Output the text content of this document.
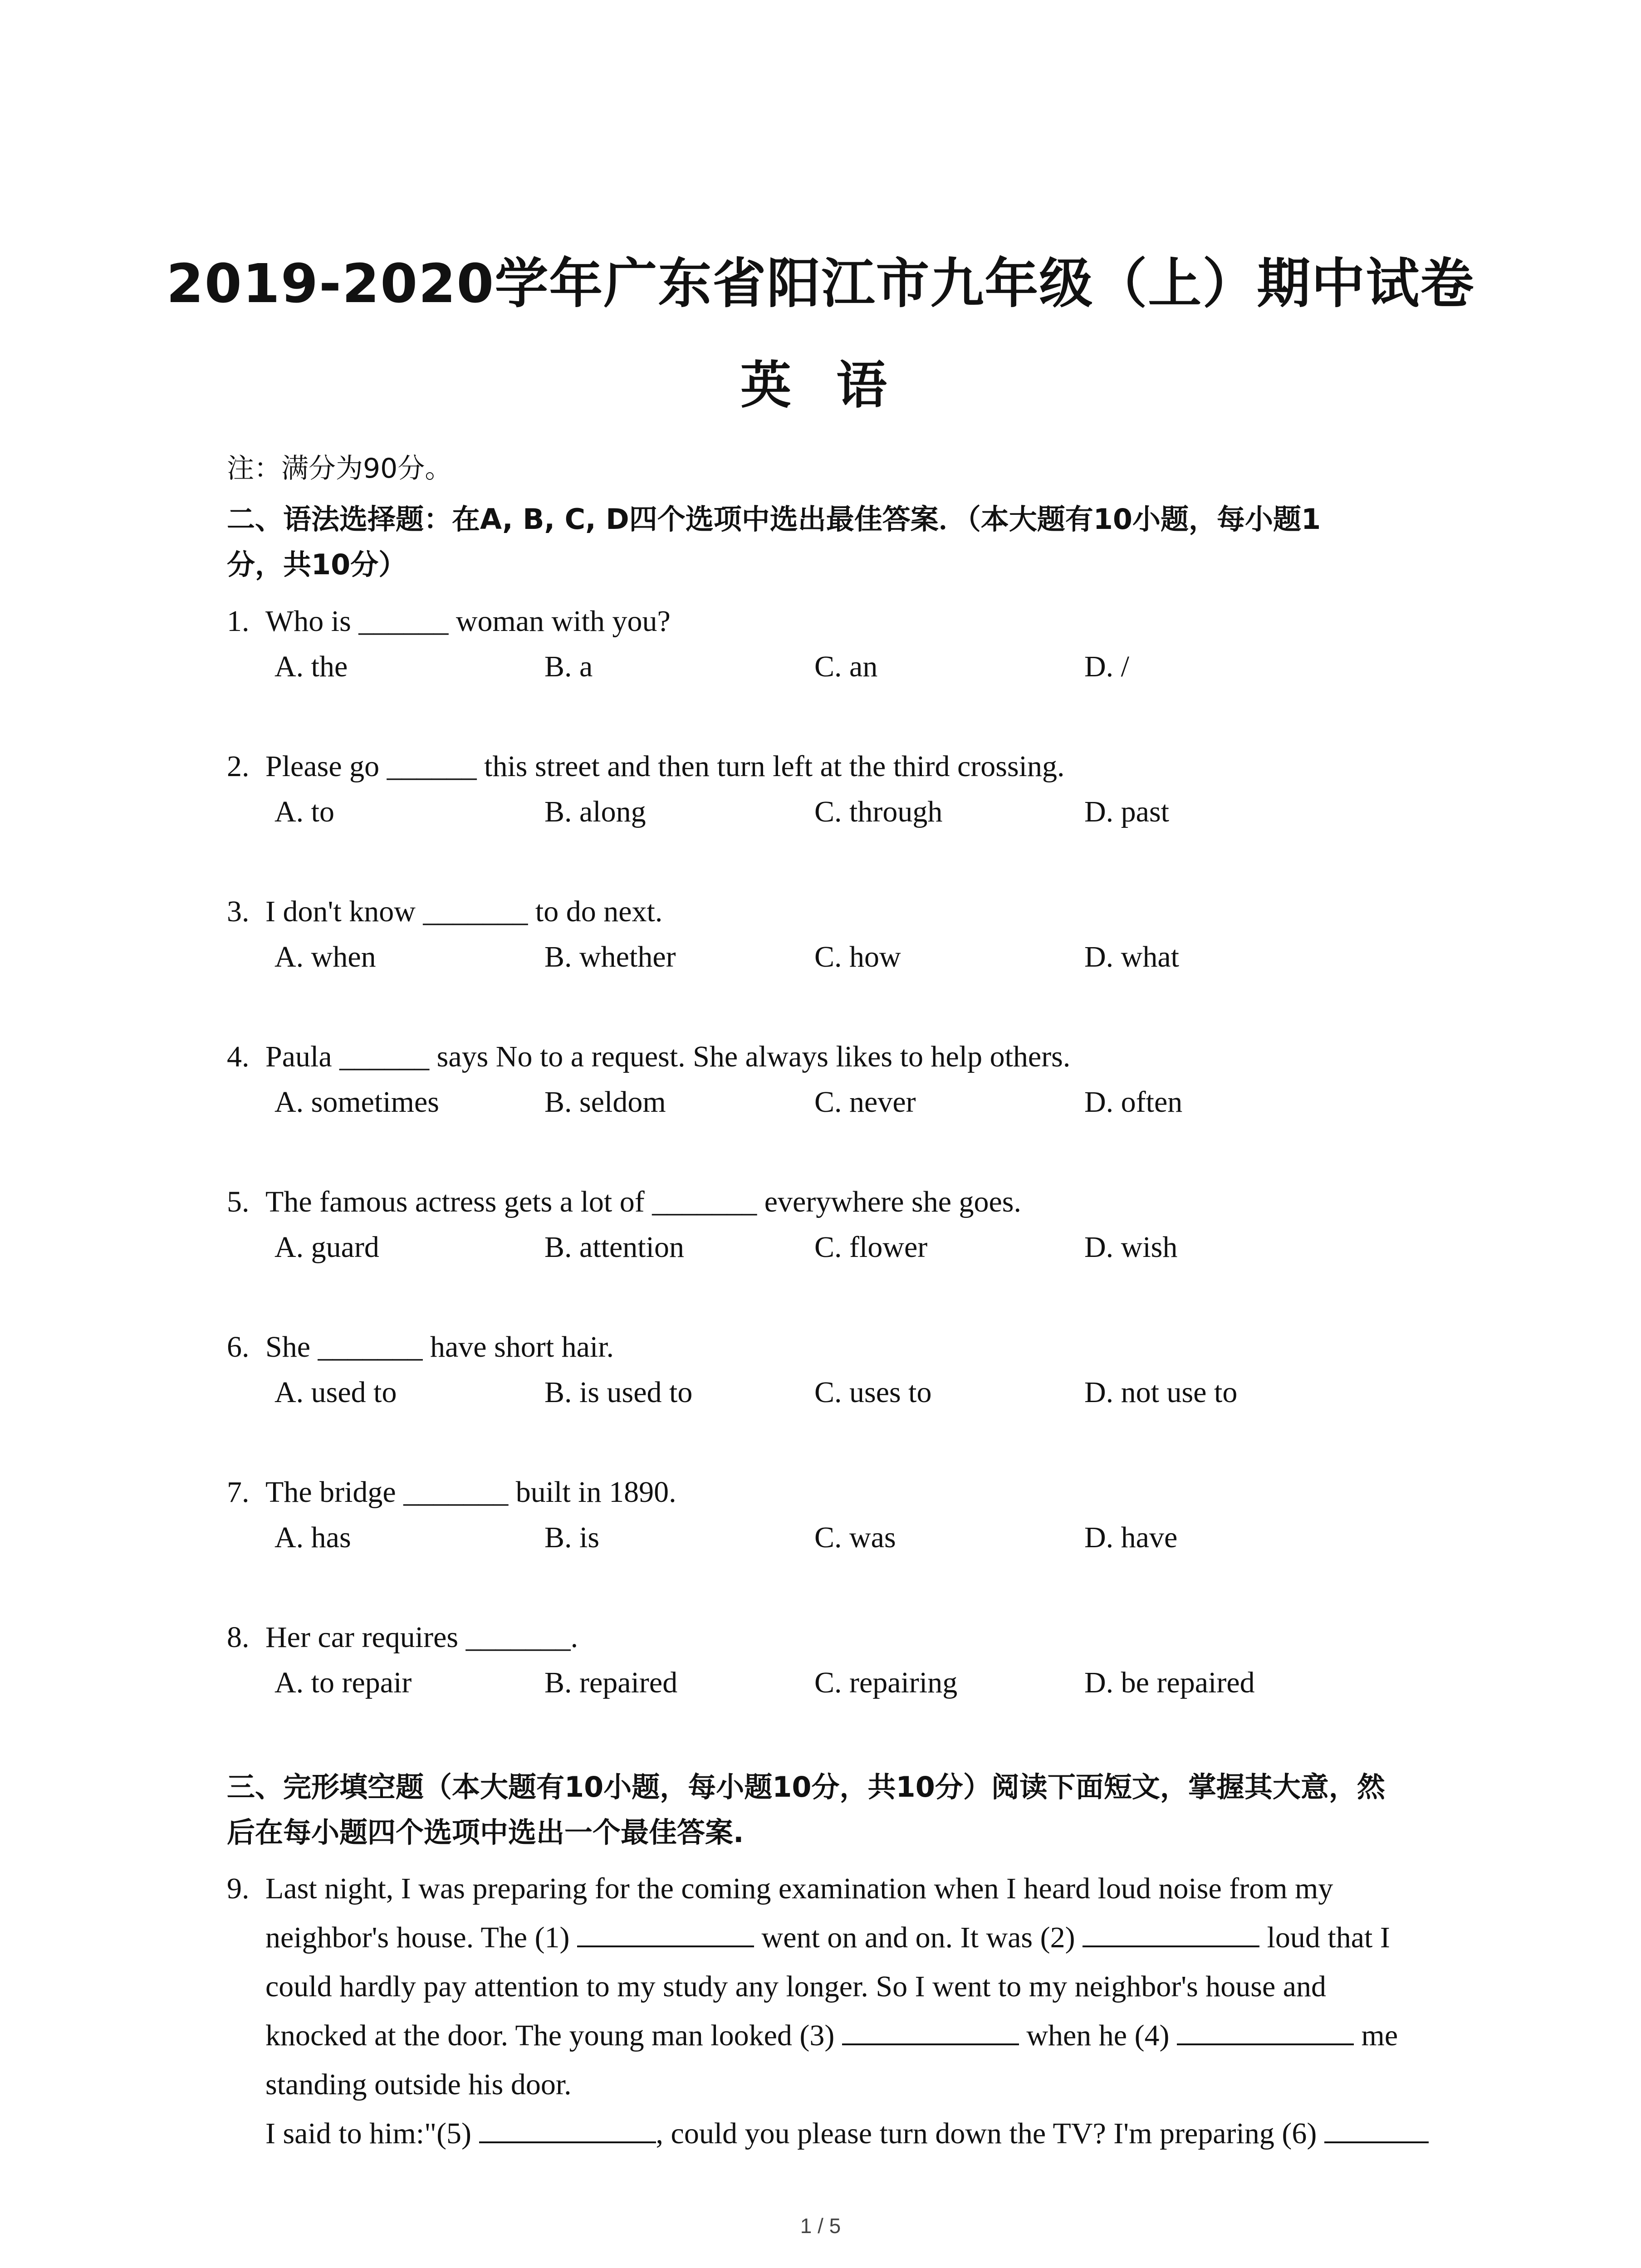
2019-2020学年广东省阳江市九年级（上）期中试卷
英 语
注：满分为90分。
二、语法选择题：在A, B, C, D四个选项中选出最佳答案．（本大题有10小题，每小题1
分，共10分）
1. Who is ______ woman with you?
A. the	B. a	C. an	D. /
2. Please go ______ this street and then turn left at the third crossing.
A. to	B. along	C. through	D. past
3. I don't know _______ to do next.
A. when	B. whether	C. how	D. what
4. Paula ______ says No to a request. She always likes to help others.
A. sometimes	B. seldom	C. never	D. often
5. The famous actress gets a lot of _______ everywhere she goes.
A. guard	B. attention	C. flower	D. wish
6. She _______ have short hair.
A. used to	B. is used to	C. uses to	D. not use to
7. The bridge _______ built in 1890.
A. has	B. is	C. was	D. have
8. Her car requires _______.
A. to repair	B. repaired	C. repairing	D. be repaired
三、完形填空题（本大题有10小题，每小题10分，共10分）阅读下面短文，掌握其大意，然
后在每小题四个选项中选出一个最佳答案.
9. Last night, I was preparing for the coming examination when I heard loud noise from my
neighbor's house. The (1)	went on and on. It was (2)	loud that I
could hardly pay attention to my study any longer. So I went to my neighbor's house and
knocked at the door. The young man looked (3)	when he (4)	me
standing outside his door.
I said to him:"(5)	, could you please turn down the TV? I'm preparing (6)
1 / 5
